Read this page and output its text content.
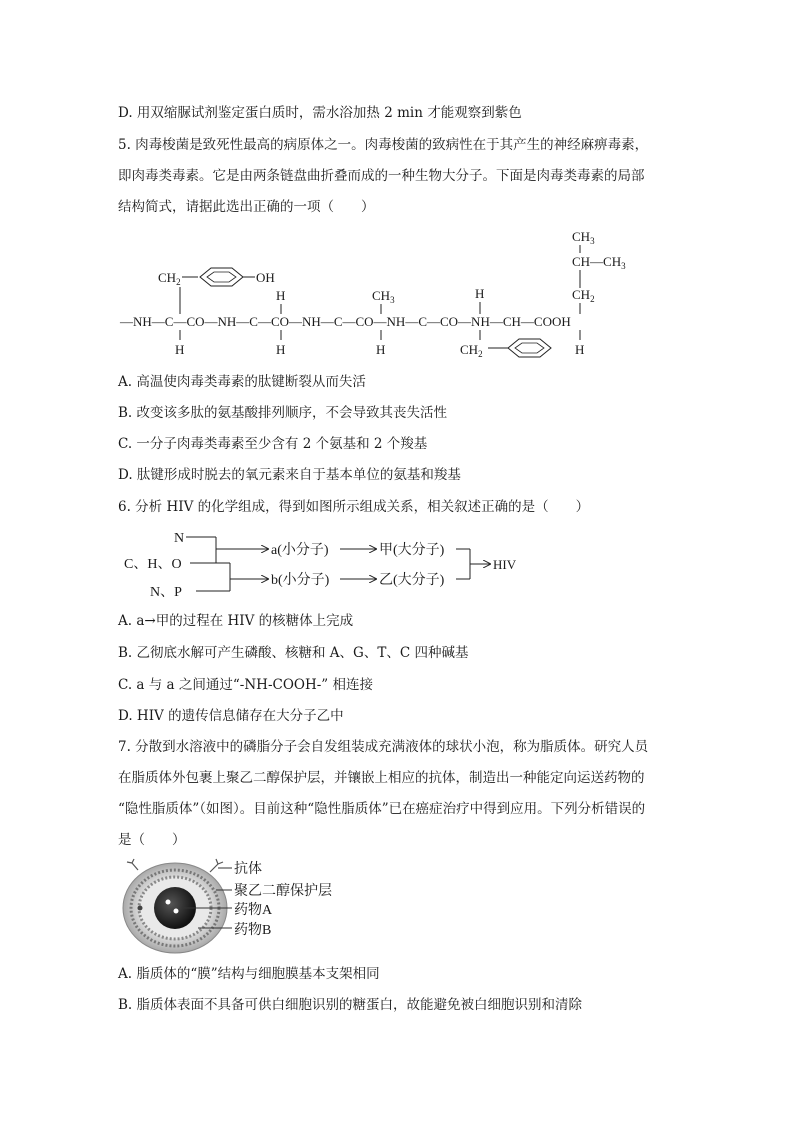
D. 用双缩脲试剂鉴定蛋白质时，需水浴加热 2 min 才能观察到紫色
5. 肉毒梭菌是致死性最高的病原体之一。肉毒梭菌的致病性在于其产生的神经麻痹毒素，
即肉毒类毒素。它是由两条链盘曲折叠而成的一种生物大分子。下面是肉毒类毒素的局部
结构简式，请据此选出正确的一项（　　）
$CH_2$	OH
H	$CH_3$	H
$CH_3$
$CH—CH_3$
$CH_2$
—NH—C—CO—NH—C—CO—NH—C—CO—NH—C—CO—NH—CH—COOH
H	H	H	$CH_2$	H
A. 高温使肉毒类毒素的肽键断裂从而失活
B. 改变该多肽的氨基酸排列顺序，不会导致其丧失活性
C. 一分子肉毒类毒素至少含有 2 个氨基和 2 个羧基
D. 肽键形成时脱去的氧元素来自于基本单位的氨基和羧基
6. 分析 HIV 的化学组成，得到如图所示组成关系，相关叙述正确的是（　　）
N
C、H、O
N、P
a(小分子)	甲(大分子)
b(小分子)	乙(大分子)
HIV
A. a→甲的过程在 HIV 的核糖体上完成
B. 乙彻底水解可产生磷酸、核糖和 A、G、T、C 四种碱基
C. a 与 a 之间通过“-NH-COOH-” 相连接
D. HIV 的遗传信息储存在大分子乙中
7. 分散到水溶液中的磷脂分子会自发组装成充满液体的球状小泡，称为脂质体。研究人员
在脂质体外包裹上聚乙二醇保护层，并镶嵌上相应的抗体，制造出一种能定向运送药物的
“隐性脂质体”（如图）。目前这种“隐性脂质体”已在癌症治疗中得到应用。下列分析错误的
是（　　）
抗体
聚乙二醇保护层
药物A
药物B
A. 脂质体的“膜”结构与细胞膜基本支架相同
B. 脂质体表面不具备可供白细胞识别的糖蛋白，故能避免被白细胞识别和清除
